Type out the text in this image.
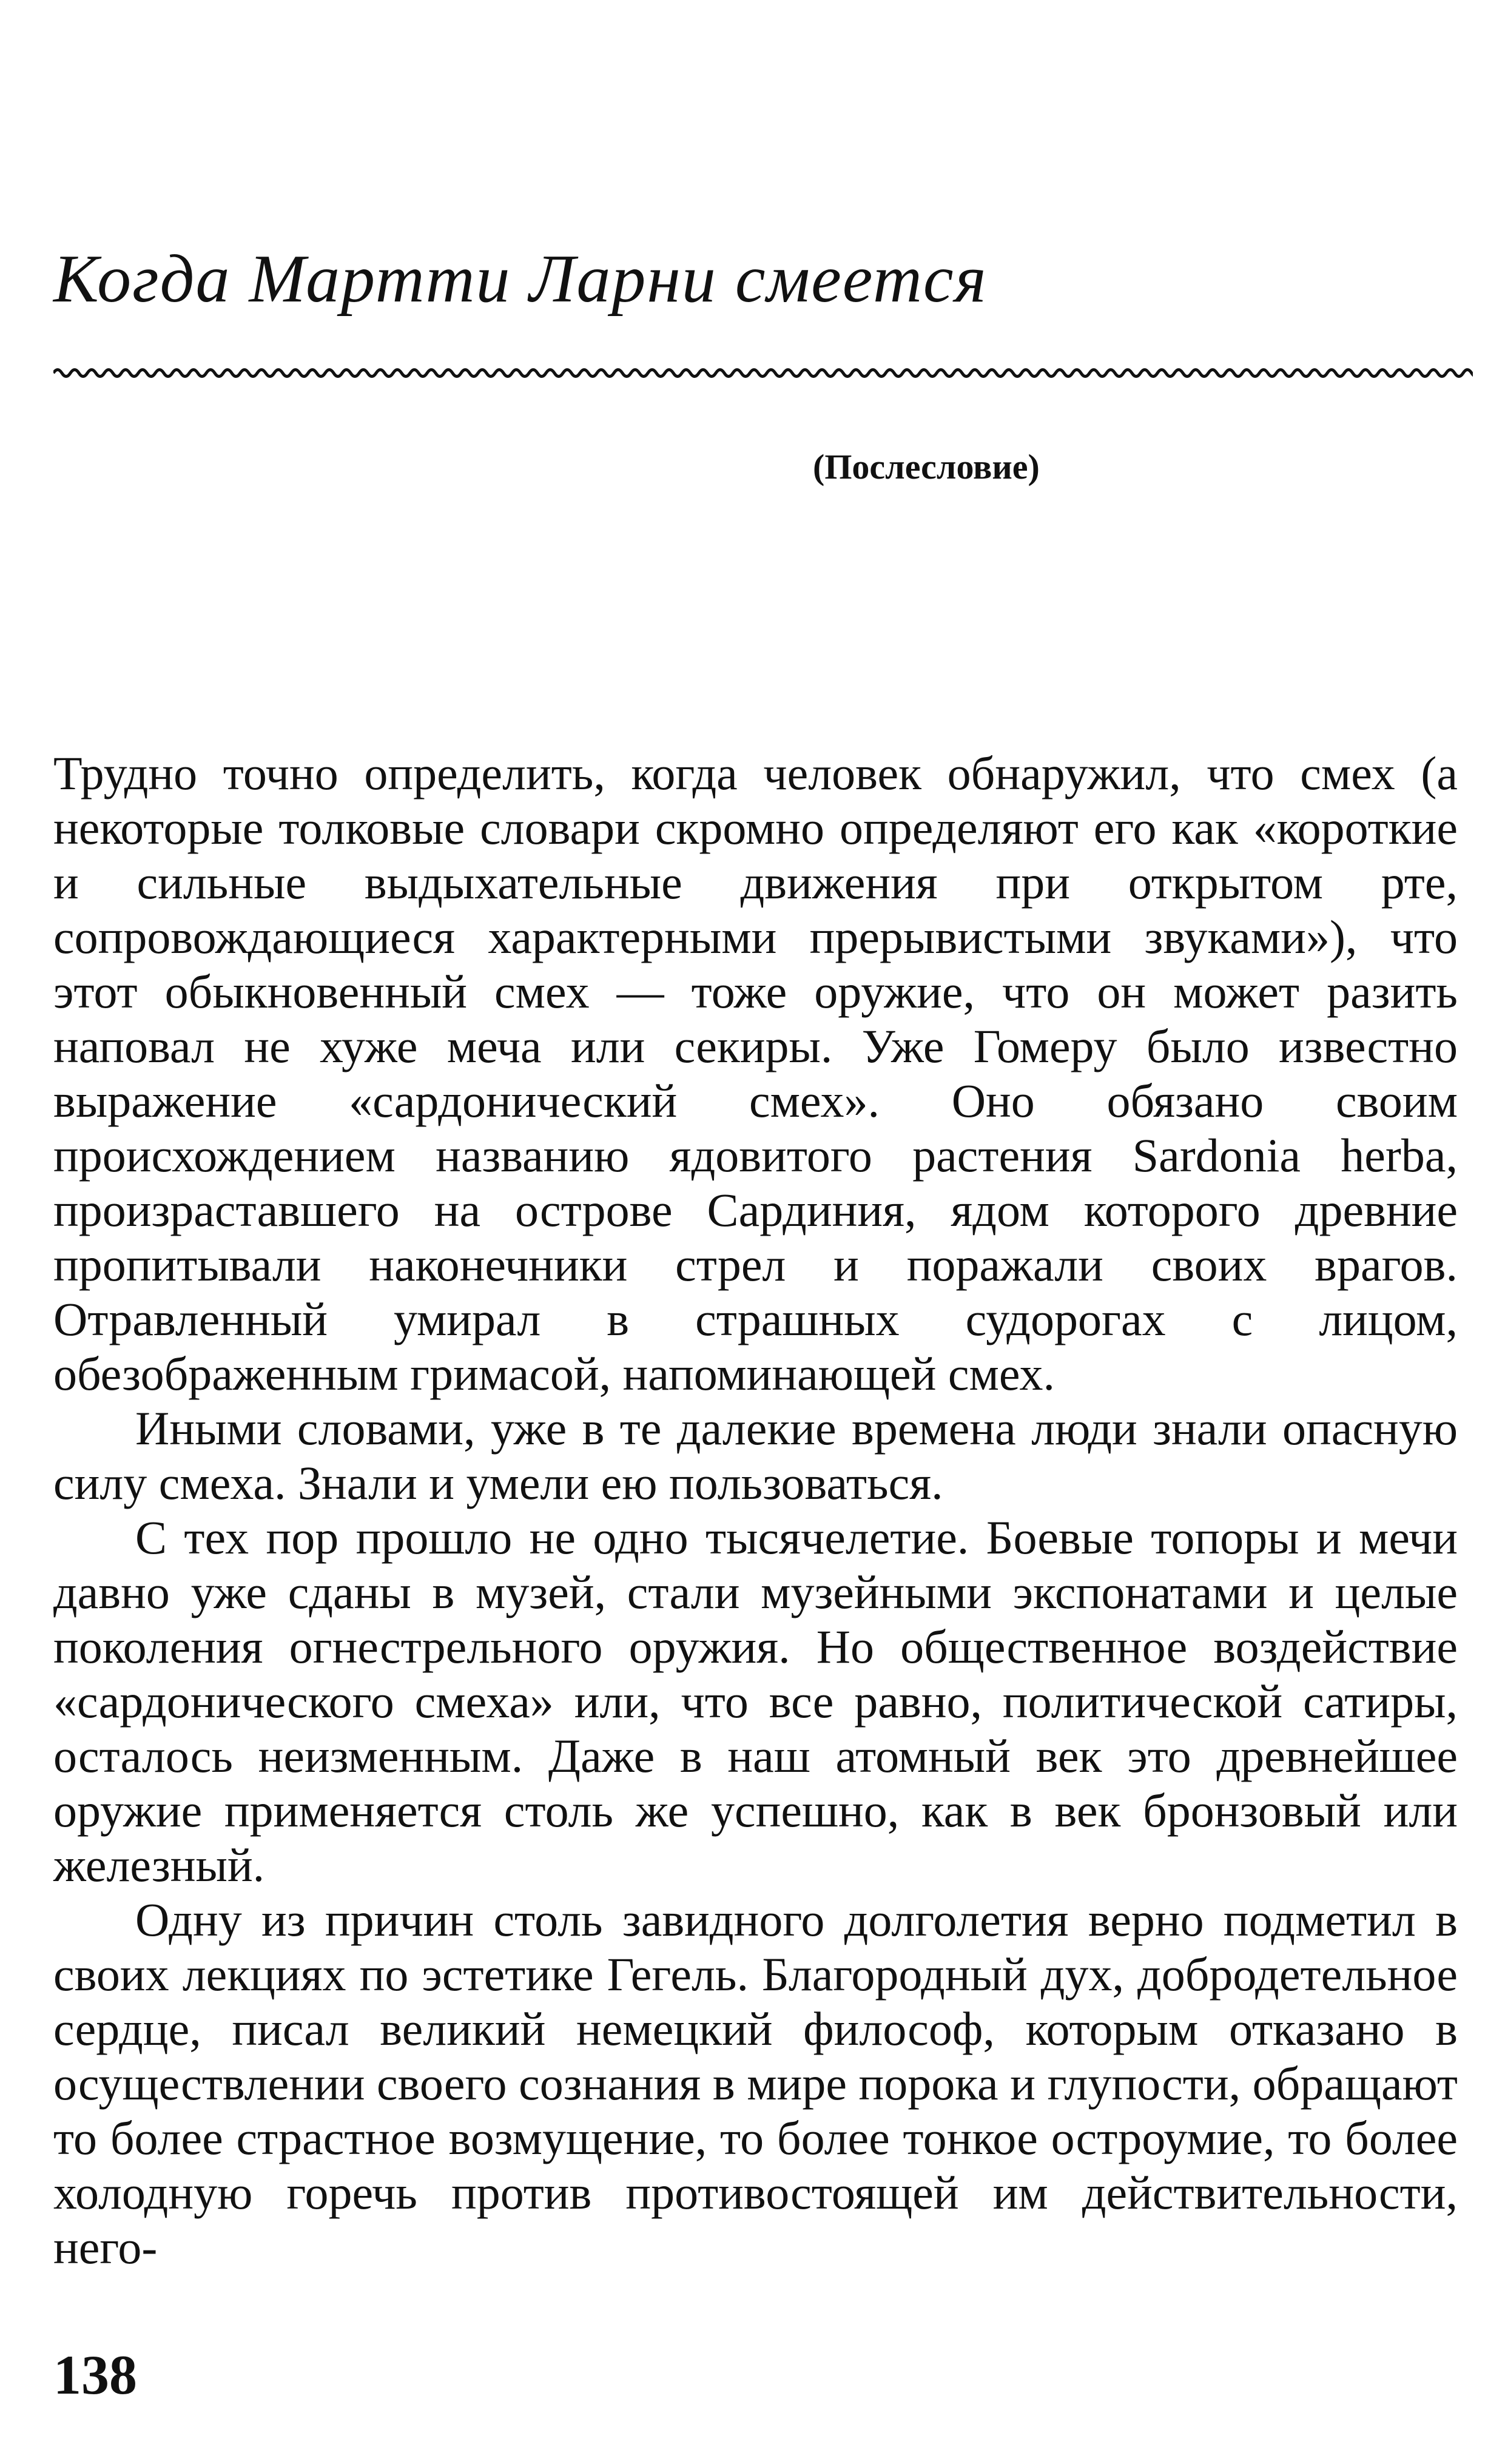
Когда Мартти Ларни смеется
(Послесловие)

Трудно точно определить, когда человек обнаружил, что смех (а некоторые толковые словари скромно определяют его как «короткие и сильные выдыхательные движения при открытом рте, сопровождающиеся характерными прерывистыми звуками»), что этот обыкновенный смех — тоже оружие, что он может разить наповал не хуже меча или секиры. Уже Гомеру было известно выражение «сардонический смех». Оно обязано своим происхождением названию ядовитого растения Sardonia herba, произраставшего на острове Сардиния, ядом которого древние пропитывали наконечники стрел и поражали своих врагов. Отравленный умирал в страшных судорогах с лицом, обезображенным гримасой, напоминающей смех.

Иными словами, уже в те далекие времена люди знали опасную силу смеха. Знали и умели ею пользоваться.

С тех пор прошло не одно тысячелетие. Боевые топоры и мечи давно уже сданы в музей, стали музейными экспонатами и целые поколения огнестрельного оружия. Но общественное воздействие «сардонического смеха» или, что все равно, политической сатиры, осталось неизменным. Даже в наш атомный век это древнейшее оружие применяется столь же успешно, как в век бронзовый или железный.

Одну из причин столь завидного долголетия верно подметил в своих лекциях по эстетике Гегель. Благородный дух, добродетельное сердце, писал великий немецкий философ, которым отказано в осуществлении своего сознания в мире порока и глупости, обращают то более страстное возмущение, то более тонкое остроумие, то более холодную горечь против противостоящей им действительности, него-

138
